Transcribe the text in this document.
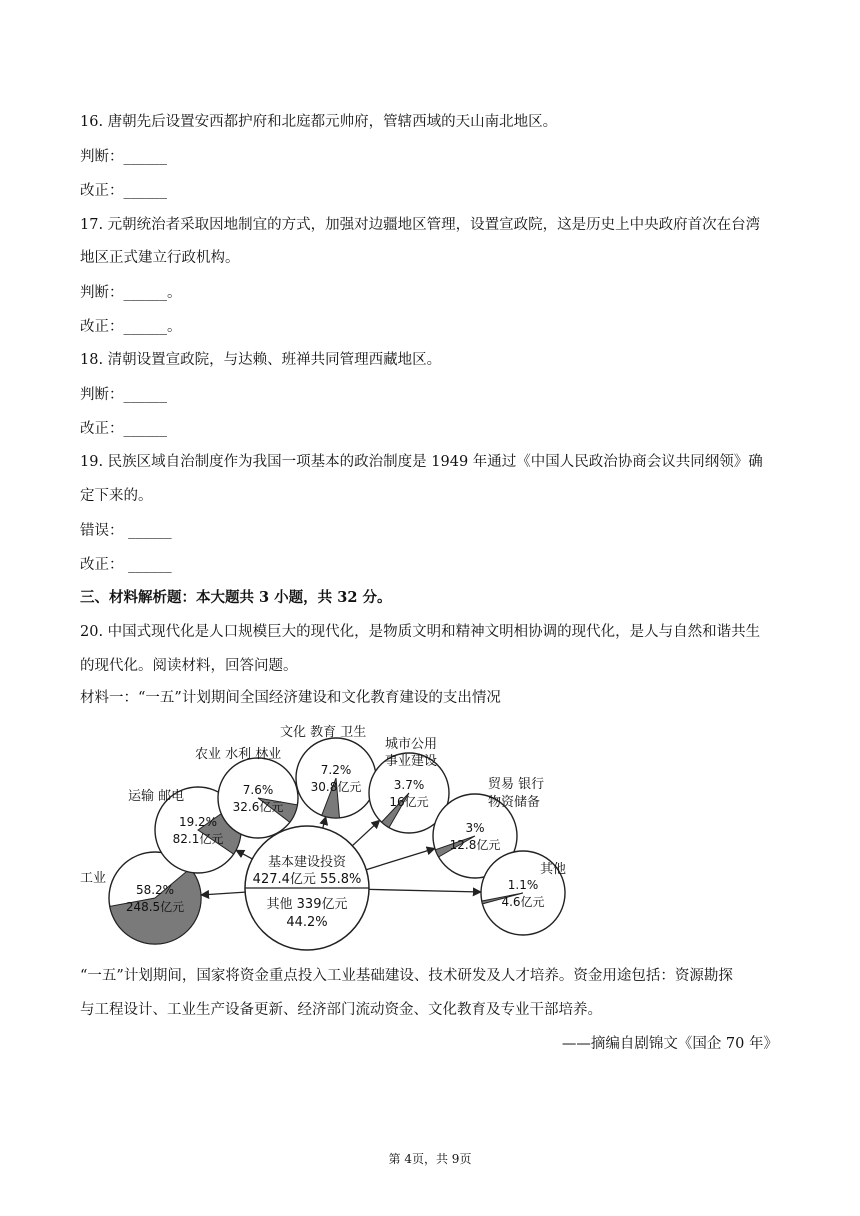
16. 唐朝先后设置安西都护府和北庭都元帅府，管辖西域的天山南北地区。
判断：______
改正：______
17. 元朝统治者采取因地制宜的方式，加强对边疆地区管理，设置宣政院，这是历史上中央政府首次在台湾
地区正式建立行政机构。
判断：______。
改正：______。
18. 清朝设置宣政院，与达赖、班禅共同管理西藏地区。
判断：______
改正：______
19. 民族区域自治制度作为我国一项基本的政治制度是 1949 年通过《中国人民政治协商会议共同纲领》确
定下来的。
错误： ______
改正： ______
三、材料解析题：本大题共 3 小题，共 32 分。
20. 中国式现代化是人口规模巨大的现代化，是物质文明和精神文明相协调的现代化，是人与自然和谐共生
的现代化。阅读材料，回答问题。
材料一：“一五”计划期间全国经济建设和文化教育建设的支出情况
58.2%
248.5亿元
19.2%
82.1亿元
7.6%
32.6亿元
7.2%
30.8亿元	3.7%
16亿元
3%
12.8亿元
1.1%
4.6亿元
基本建设投资
427.4亿元 55.8%
其他 339亿元
44.2%
工业
运输 邮电
农业 水利 林业
文化 教育 卫生
城市公用
事业建设
贸易 银行
物资储备
其他
“一五”计划期间，国家将资金重点投入工业基础建设、技术研发及人才培养。资金用途包括：资源勘探
与工程设计、工业生产设备更新、经济部门流动资金、文化教育及专业干部培养。
——摘编自剧锦文《国企 70 年》
第 4页，共 9页
